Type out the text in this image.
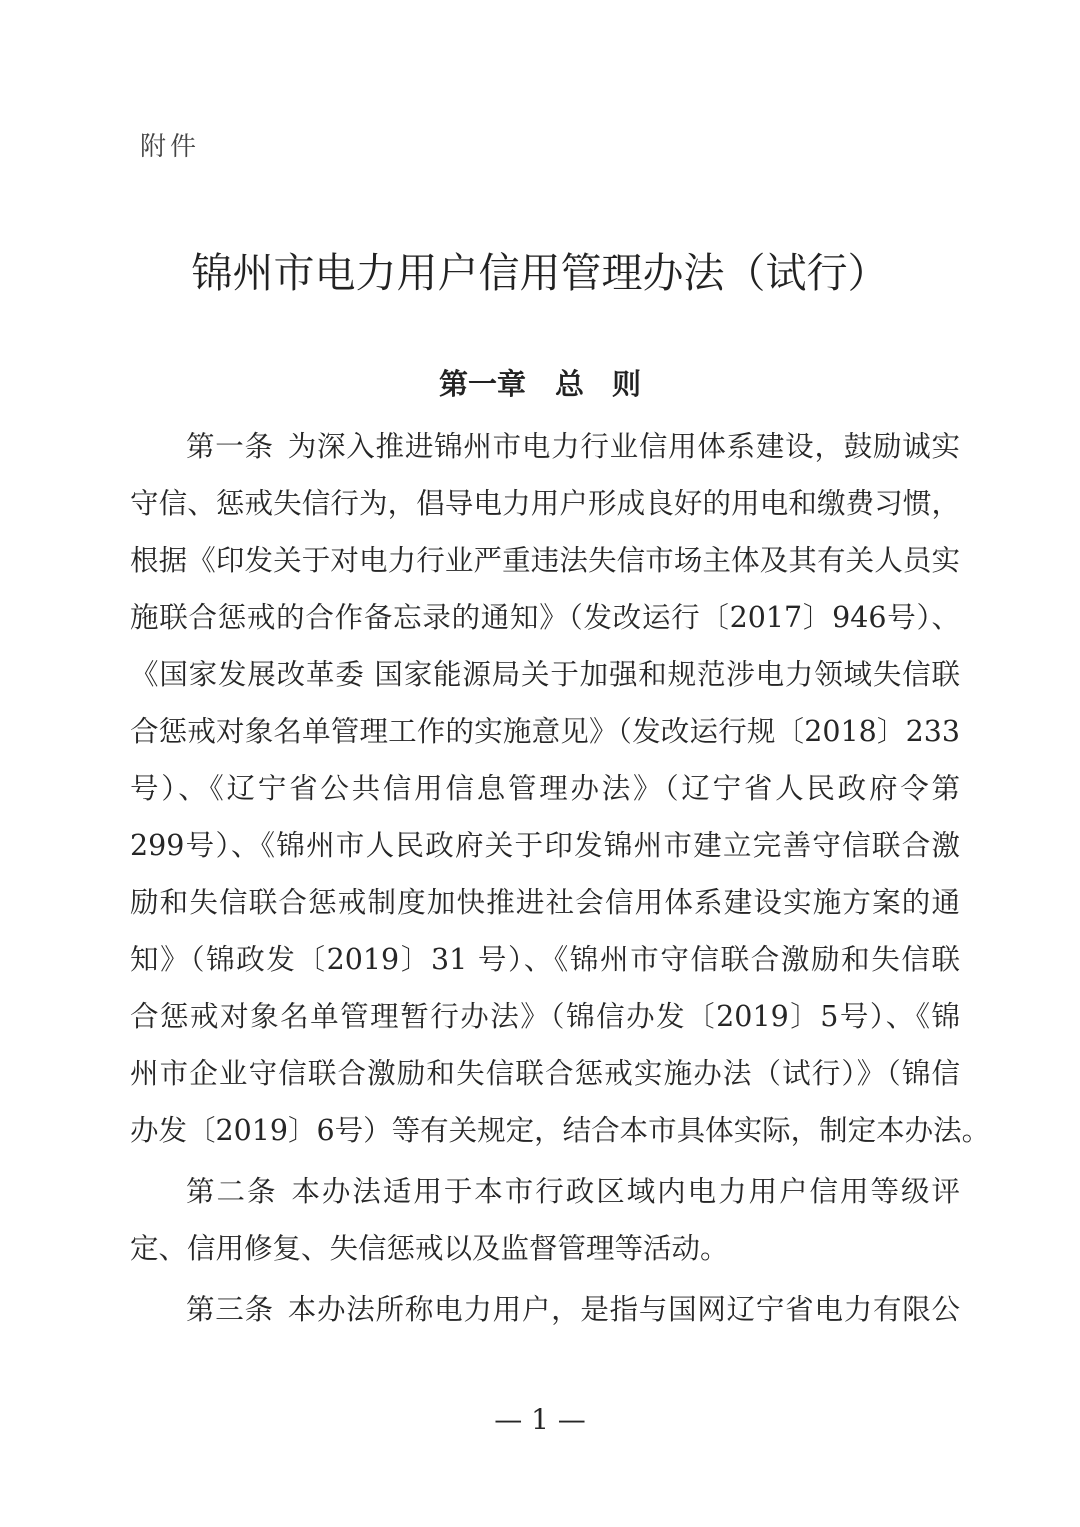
附件
锦州市电力用户信用管理办法（试行）
第一章　总 则
第一条 为深入推进锦州市电力行业信用体系建设，鼓励诚实
守信、惩戒失信行为，倡导电力用户形成良好的用电和缴费习惯，
根据《印发关于对电力行业严重违法失信市场主体及其有关人员实
施联合惩戒的合作备忘录的通知》（发改运行〔2017〕946号）、
《国家发展改革委 国家能源局关于加强和规范涉电力领域失信联
合惩戒对象名单管理工作的实施意见》（发改运行规〔2018〕233
号）、《辽宁省公共信用信息管理办法》（辽宁省人民政府令第
299号）、《锦州市人民政府关于印发锦州市建立完善守信联合激
励和失信联合惩戒制度加快推进社会信用体系建设实施方案的通
知》（锦政发〔2019〕31 号）、《锦州市守信联合激励和失信联
合惩戒对象名单管理暂行办法》（锦信办发〔2019〕5号）、《锦
州市企业守信联合激励和失信联合惩戒实施办法（试行）》（锦信
办发〔2019〕6号）等有关规定，结合本市具体实际，制定本办法。
第二条 本办法适用于本市行政区域内电力用户信用等级评
定、信用修复、失信惩戒以及监督管理等活动。
第三条 本办法所称电力用户，是指与国网辽宁省电力有限公
— 1 —
